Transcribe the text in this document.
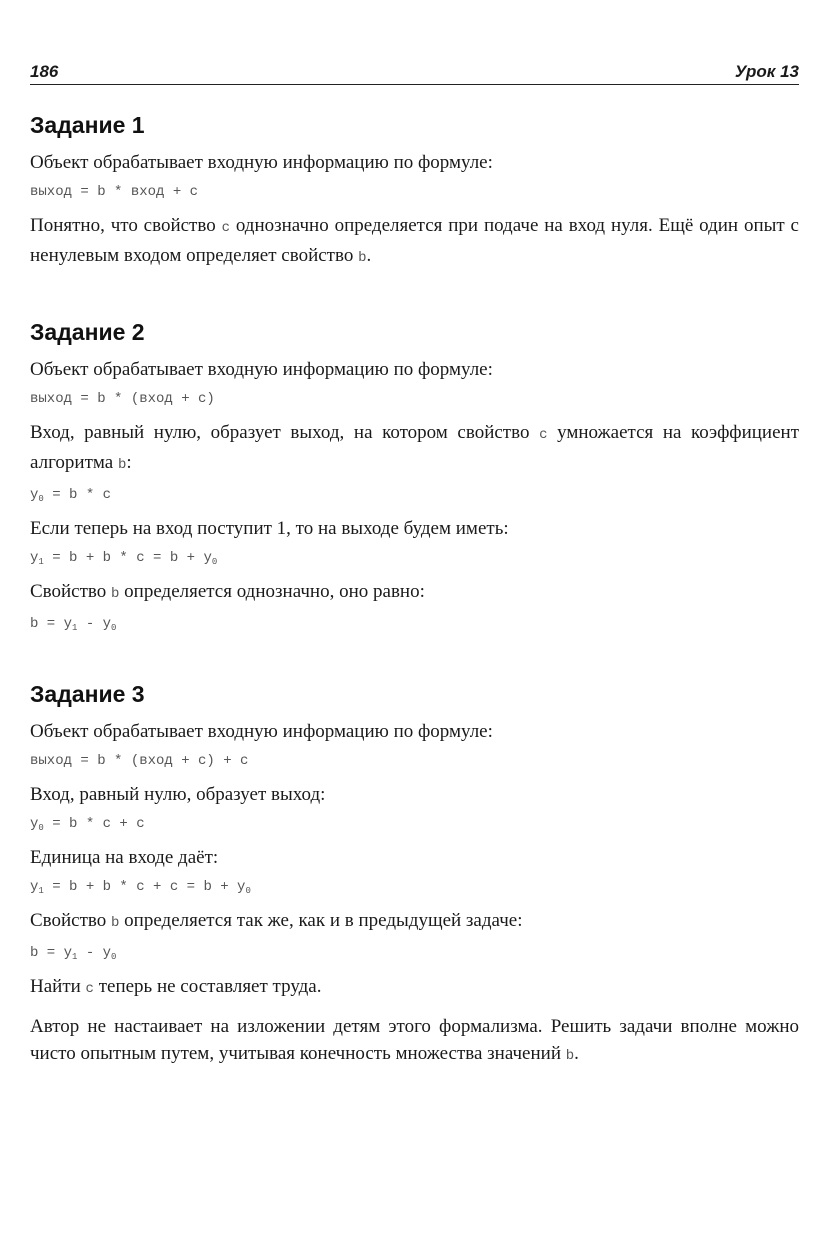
186	Урок 13
Задание 1

Объект обрабатывает входную информацию по формуле:

выход = b * вход + c

Понятно, что свойство c однозначно определяется при подаче на вход нуля. Ещё один опыт с ненулевым входом определяет свойство b.

Задание 2

Объект обрабатывает входную информацию по формуле:

выход = b * (вход + c)

Вход, равный нулю, образует выход, на котором свойство c умножается на коэффициент алгоритма b:

$y_0 = b * c$

Если теперь на вход поступит 1, то на выходе будем иметь:

$y_1 = b + b * c = b + y_0$

Свойство b определяется однозначно, оно равно:

$b = y_1 - y_0$
Задание 3

Объект обрабатывает входную информацию по формуле:

выход = b * (вход + c) + c

Вход, равный нулю, образует выход:

$y_0 = b * c + c$

Единица на входе даёт:

$y_1 = b + b * c + c = b + y_0$

Свойство b определяется так же, как и в предыдущей задаче:

$b = y_1 - y_0$

Найти c теперь не составляет труда.

Автор не настаивает на изложении детям этого формализма. Решить задачи вполне можно чисто опытным путем, учитывая конечность множества значений b.
